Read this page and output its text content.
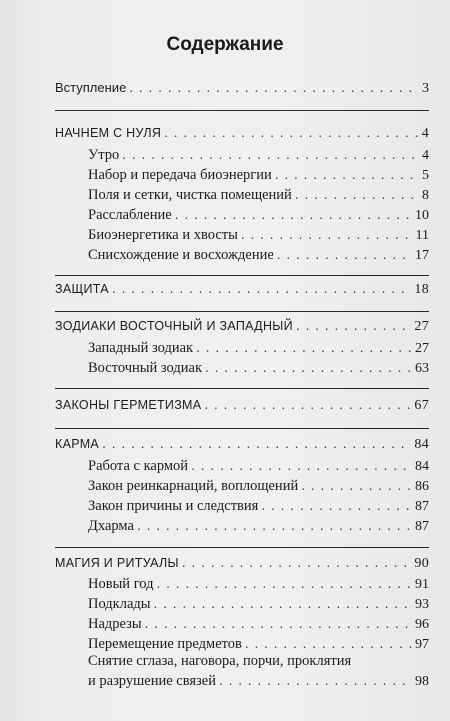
Содержание
Вступление . . .	3
НАЧНЕМ С НУЛЯ . . .	4
Утро . . .	4
Набор и передача биоэнергии . . .	5
Поля и сетки, чистка помещений . . .	8
Расслабление . . .	10
Биоэнергетика и хвосты . . .	11
Снисхождение и восхождение . . .	17
ЗАЩИТА . . .	18
ЗОДИАКИ ВОСТОЧНЫЙ И ЗАПАДНЫЙ . . .	27
Западный зодиак . . .	27
Восточный зодиак . . .	63
ЗАКОНЫ ГЕРМЕТИЗМА . . .	67
КАРМА . . .	84
Работа с кармой . . .	84
Закон реинкарнаций, воплощений . . .	86
Закон причины и следствия . . .	87
Дхарма . . .	87
МАГИЯ И РИТУАЛЫ . . .	90
Новый год . . .	91
Подклады . . .	93
Надрезы . . .	96
Перемещение предметов . . .	97
Снятие сглаза, наговора, порчи, проклятия
и разрушение связей . . .	98
